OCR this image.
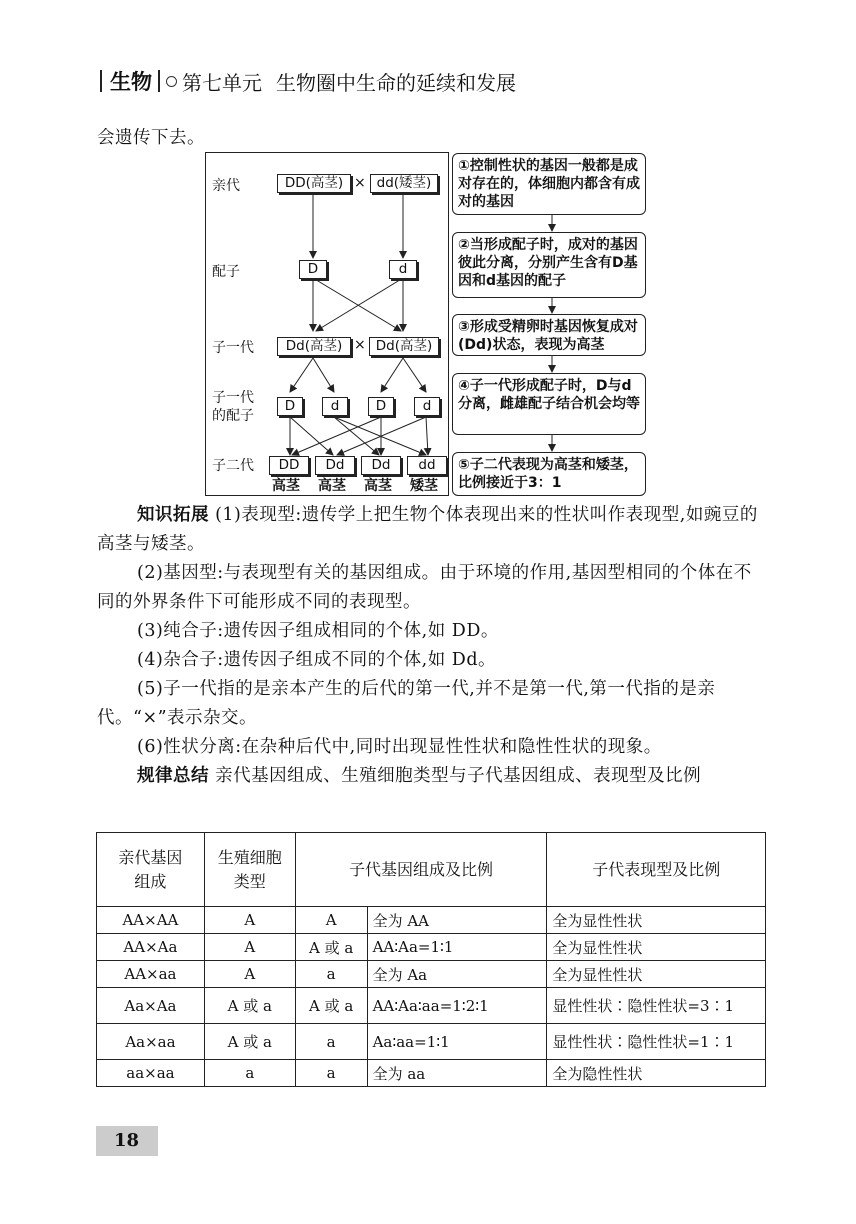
生物 第七单元 生物圈中生命的延续和发展
会遗传下去。
亲代
配子
子一代
子一代
的配子
子二代
DD(高茎) × dd(矮茎)
D	d
Dd(高茎) × Dd(高茎)
D	d	D	d
DD	Dd	Dd	dd
高茎 高茎 高茎 矮茎
①控制性状的基因一般都是成对存在的，体细胞内都含有成对的基因
②当形成配子时，成对的基因彼此分离，分别产生含有D基因和d基因的配子
③形成受精卵时基因恢复成对(Dd)状态，表现为高茎
④子一代形成配子时，D与d分离，雌雄配子结合机会均等
⑤子二代表现为高茎和矮茎，比例接近于3：1
知识拓展 (1)表现型:遗传学上把生物个体表现出来的性状叫作表现型,如豌豆的高茎与矮茎。
(2)基因型:与表现型有关的基因组成。由于环境的作用,基因型相同的个体在不同的外界条件下可能形成不同的表现型。
(3)纯合子:遗传因子组成相同的个体,如 DD。
(4)杂合子:遗传因子组成不同的个体,如 Dd。
(5)子一代指的是亲本产生的后代的第一代,并不是第一代,第一代指的是亲代。“×”表示杂交。
(6)性状分离:在杂种后代中,同时出现显性性状和隐性性状的现象。
规律总结 亲代基因组成、生殖细胞类型与子代基因组成、表现型及比例
亲代基因组成	生殖细胞类型	子代基因组成及比例		子代表现型及比例
AA×AA	A	A	全为 AA	全为显性性状
AA×Aa	A	A 或 a	AA∶Aa=1∶1	全为显性性状
AA×aa	A	a	全为 Aa	全为显性性状
Aa×Aa	A 或 a	A 或 a	AA∶Aa∶aa=1∶2∶1	显性性状∶隐性性状=3∶1
Aa×aa	A 或 a	a	Aa∶aa=1∶1	显性性状∶隐性性状=1∶1
aa×aa	a	a	全为 aa	全为隐性性状
18
